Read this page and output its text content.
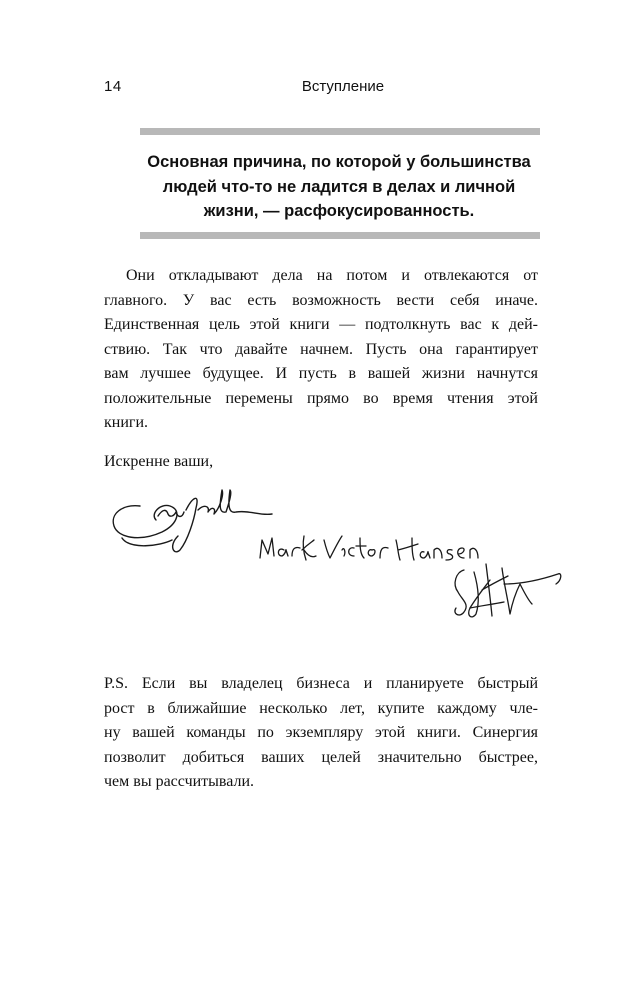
14	Вступление
Основная причина, по которой у большинства
людей что-то не ладится в делах и личной
жизни, — расфокусированность.
Они откладывают дела на потом и отвлекаются от
главного. У вас есть возможность вести себя иначе.
Единственная цель этой книги — подтолкнуть вас к дей-
ствию. Так что давайте начнем. Пусть она гарантирует
вам лучшее будущее. И пусть в вашей жизни начнутся
положительные перемены прямо во время чтения этой
книги.
Искренне ваши,
P.S. Если вы владелец бизнеса и планируете быстрый
рост в ближайшие несколько лет, купите каждому чле-
ну вашей команды по экземпляру этой книги. Синергия
позволит добиться ваших целей значительно быстрее,
чем вы рассчитывали.
